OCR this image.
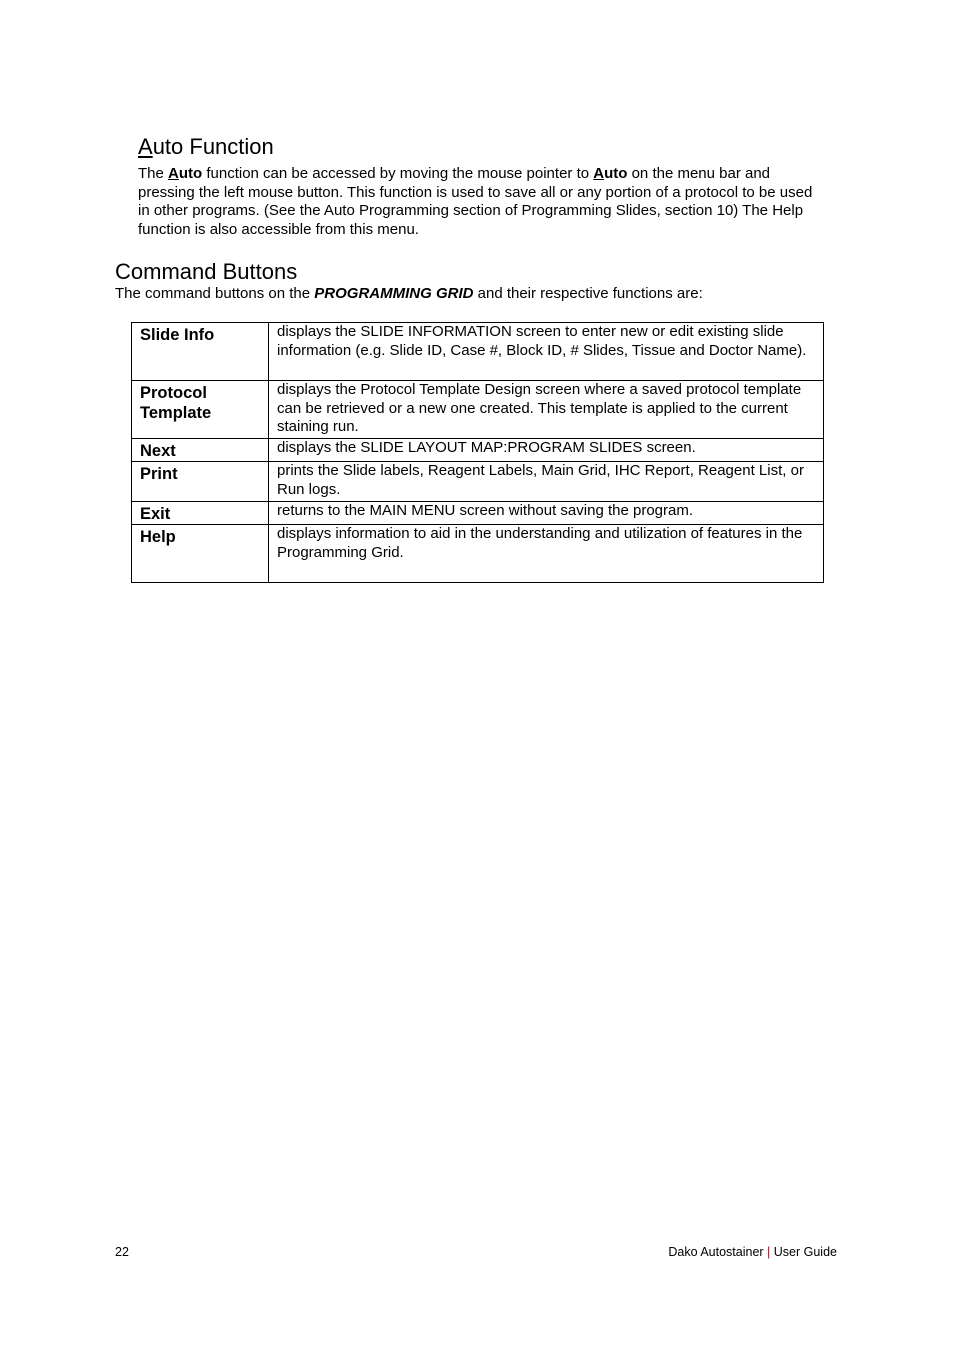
Auto Function

The Auto function can be accessed by moving the mouse pointer to Auto on the menu bar and pressing the left mouse button. This function is used to save all or any portion of a protocol to be used in other programs. (See the Auto Programming section of Programming Slides, section 10) The Help function is also accessible from this menu.

Command Buttons

The command buttons on the PROGRAMMING GRID and their respective functions are:

Slide Info	displays the SLIDE INFORMATION screen to enter new or edit existing slide information (e.g. Slide ID, Case #, Block ID, # Slides, Tissue and Doctor Name).
Protocol
Template	displays the Protocol Template Design screen where a saved protocol template can be retrieved or a new one created. This template is applied to the current staining run.
Next	displays the SLIDE LAYOUT MAP:PROGRAM SLIDES screen.
Print	prints the Slide labels, Reagent Labels, Main Grid, IHC Report, Reagent List, or Run logs.
Exit	returns to the MAIN MENU screen without saving the program.
Help	displays information to aid in the understanding and utilization of features in the Programming Grid.
22	Dako Autostainer | User Guide
